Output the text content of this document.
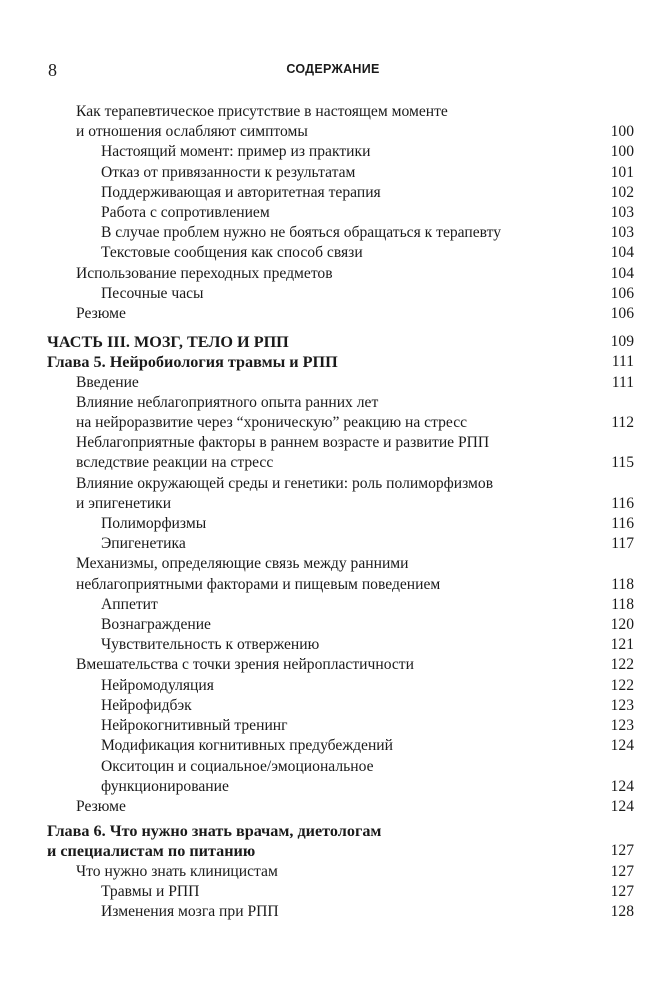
8	СОДЕРЖАНИЕ
Как терапевтическое присутствие в настоящем моменте
и отношения ослабляют симптомы	100
Настоящий момент: пример из практики	100
Отказ от привязанности к результатам	101
Поддерживающая и авторитетная терапия	102
Работа с сопротивлением	103
В случае проблем нужно не бояться обращаться к терапевту	103
Текстовые сообщения как способ связи	104
Использование переходных предметов	104
Песочные часы	106
Резюме	106
ЧАСТЬ III. МОЗГ, ТЕЛО И РПП	109
Глава 5. Нейробиология травмы и РПП	111
Введение	111
Влияние неблагоприятного опыта ранних лет
на нейроразвитие через “хроническую” реакцию на стресс	112
Неблагоприятные факторы в раннем возрасте и развитие РПП
вследствие реакции на стресс	115
Влияние окружающей среды и генетики: роль полиморфизмов
и эпигенетики	116
Полиморфизмы	116
Эпигенетика	117
Механизмы, определяющие связь между ранними
неблагоприятными факторами и пищевым поведением	118
Аппетит	118
Вознаграждение	120
Чувствительность к отвержению	121
Вмешательства с точки зрения нейропластичности	122
Нейромодуляция	122
Нейрофидбэк	123
Нейрокогнитивный тренинг	123
Модификация когнитивных предубеждений	124
Окситоцин и социальное/эмоциональное
функционирование	124
Резюме	124
Глава 6. Что нужно знать врачам, диетологам
и специалистам по питанию	127
Что нужно знать клиницистам	127
Травмы и РПП	127
Изменения мозга при РПП	128
